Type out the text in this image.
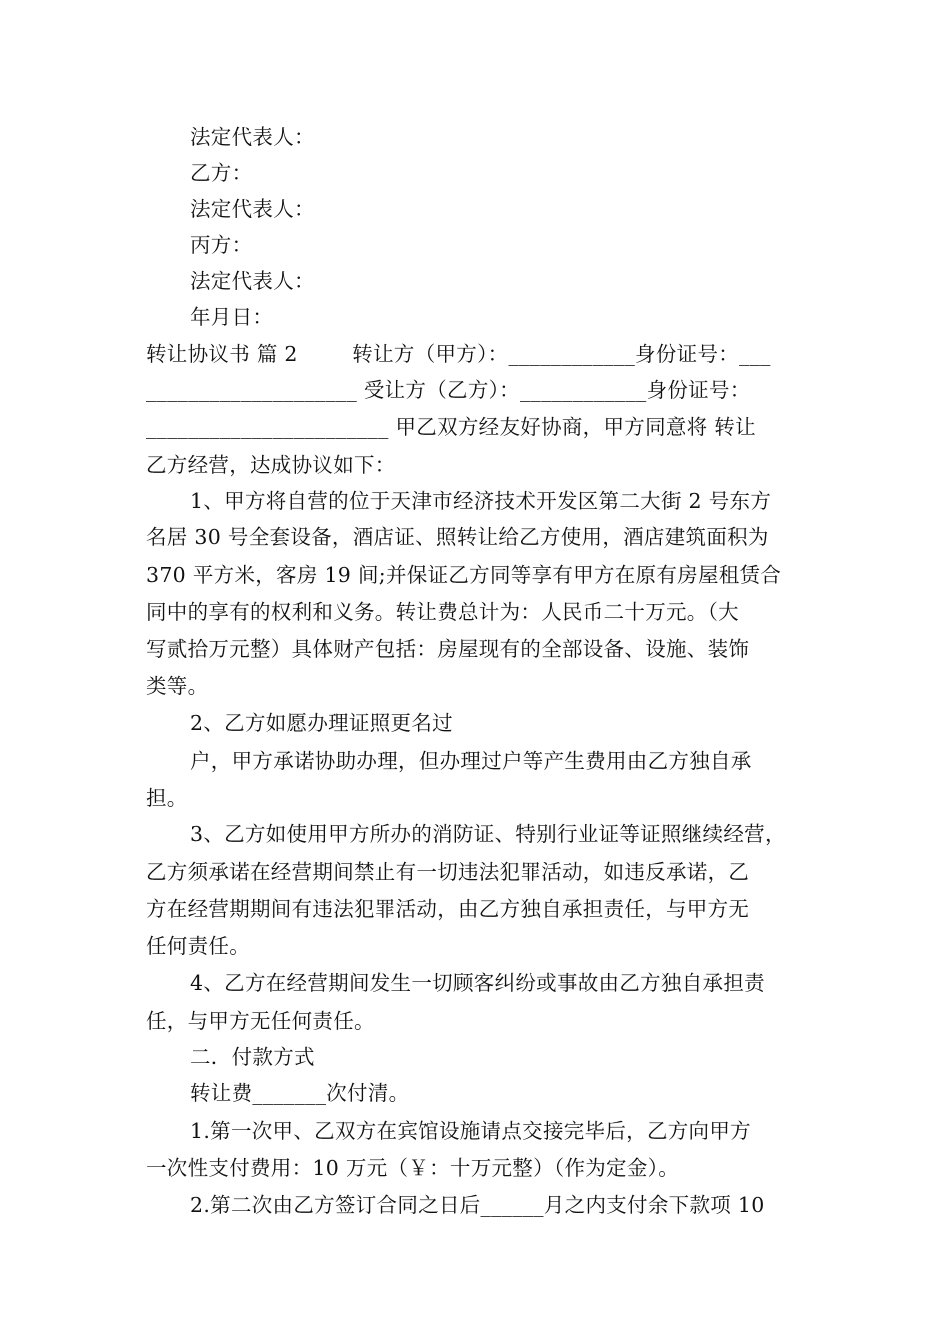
法定代表人：
乙方：
法定代表人：
丙方：
法定代表人：
年月日：
转让协议书 篇 2        转让方（甲方）：____________身份证号：___
____________________ 受让方（乙方）：____________身份证号：
_______________________ 甲乙双方经友好协商，甲方同意将 转让
乙方经营，达成协议如下：
1、甲方将自营的位于天津市经济技术开发区第二大街 2 号东方
名居 30 号全套设备，酒店证、照转让给乙方使用，酒店建筑面积为
370 平方米，客房 19 间;并保证乙方同等享有甲方在原有房屋租赁合
同中的享有的权利和义务。转让费总计为：人民币二十万元。（大
写贰拾万元整）具体财产包括：房屋现有的全部设备、设施、装饰
类等。
2、乙方如愿办理证照更名过
户，甲方承诺协助办理，但办理过户等产生费用由乙方独自承
担。
3、乙方如使用甲方所办的消防证、特别行业证等证照继续经营，
乙方须承诺在经营期间禁止有一切违法犯罪活动，如违反承诺，乙
方在经营期期间有违法犯罪活动，由乙方独自承担责任，与甲方无
任何责任。
4、乙方在经营期间发生一切顾客纠纷或事故由乙方独自承担责
任，与甲方无任何责任。
二．付款方式
转让费_______次付清。
1.第一次甲、乙双方在宾馆设施请点交接完毕后，乙方向甲方
一次性支付费用：10 万元（￥：十万元整）（作为定金）。
2.第二次由乙方签订合同之日后______月之内支付余下款项 10
